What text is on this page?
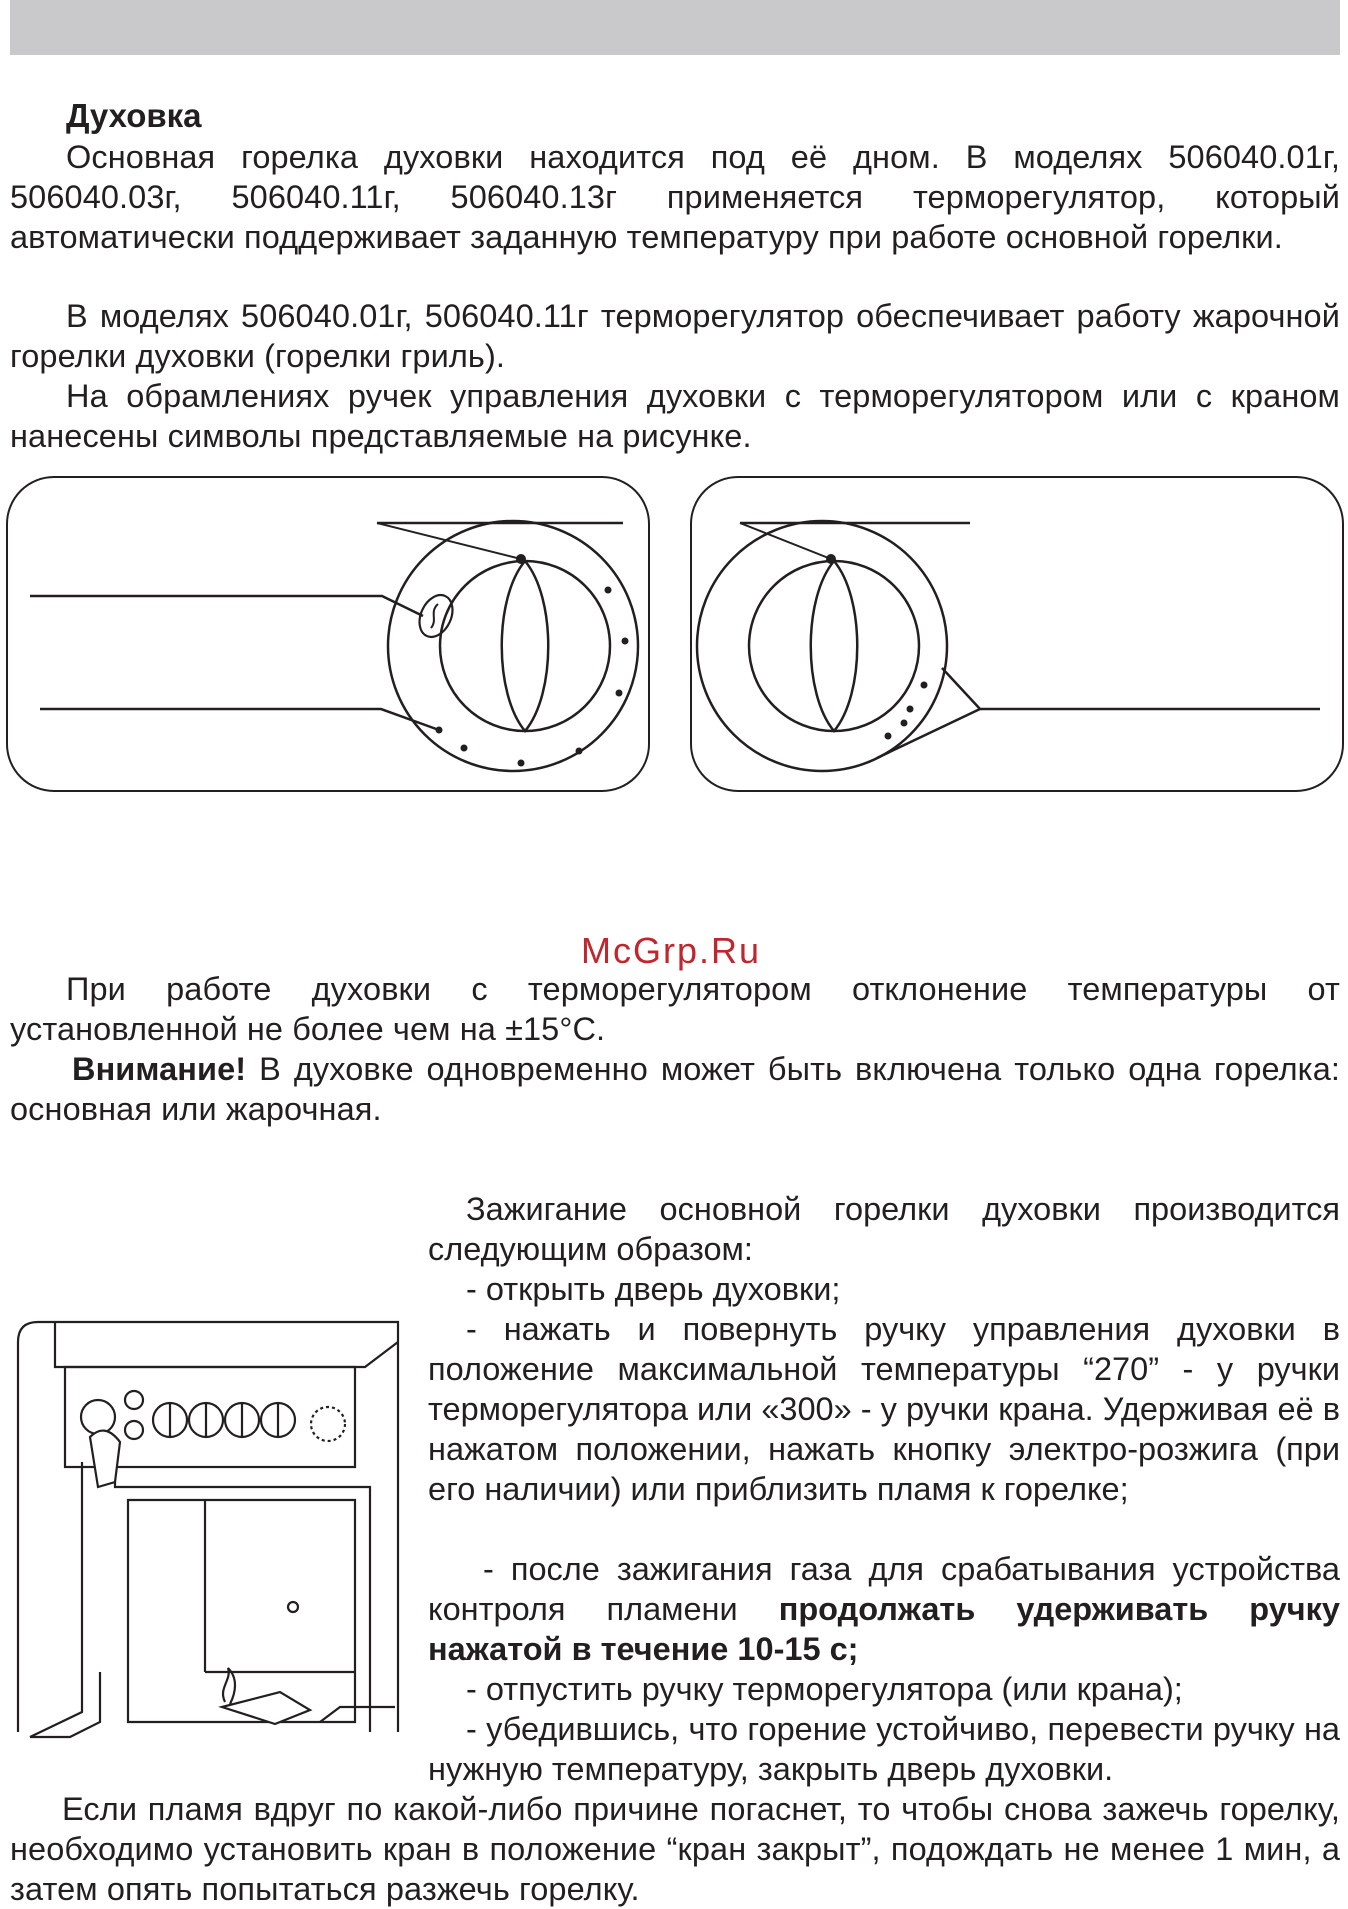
Духовка
Основная горелка духовки находится под её дном. В моделях 506040.01г, 506040.03г, 506040.11г, 506040.13г применяется терморегулятор, который автоматически поддерживает заданную температуру при работе основной горелки.
В моделях 506040.01г, 506040.11г терморегулятор обеспечивает работу жарочной горелки духовки (горелки гриль).
На обрамлениях ручек управления духовки с терморегулятором или с краном нанесены символы представляемые на рисунке.
McGrp.Ru
При работе духовки с терморегулятором отклонение температуры от установленной не более чем на ±15°С.
Внимание! В духовке одновременно может быть включена только одна горелка: основная или жарочная.
Зажигание основной горелки духовки производится следующим образом:
- открыть дверь духовки;
- нажать и повернуть ручку управления духовки в положение максимальной температуры “270” - у ручки терморегулятора или «300» - у ручки крана. Удерживая её в нажатом положении, нажать кнопку электро-розжига (при его наличии) или приблизить пламя к горелке;
- после зажигания газа для срабатывания устройства контроля пламени продолжать удерживать ручку нажатой в течение 10-15 с;
- отпустить ручку терморегулятора (или крана);
- убедившись, что горение устойчиво, перевести ручку на нужную температуру, закрыть дверь духовки.
Если пламя вдруг по какой-либо причине погаснет, то чтобы снова зажечь горелку, необходимо установить кран в положение “кран закрыт”, подождать не менее 1 мин, а затем опять попытаться разжечь горелку.
